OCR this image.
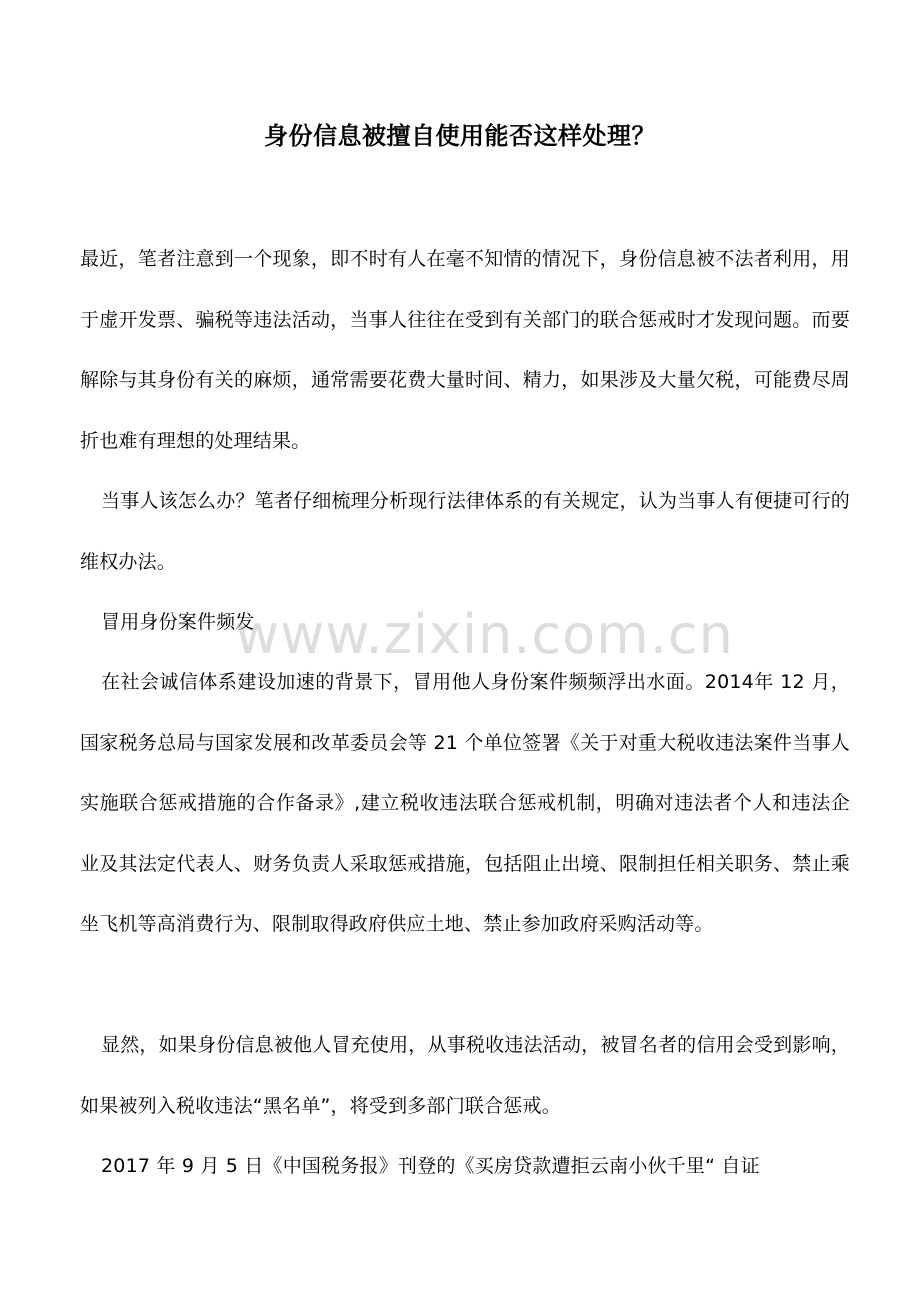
身份信息被擅自使用能否这样处理？

最近，笔者注意到一个现象，即不时有人在毫不知情的情况下，身份信息被不法者利用，用于虚开发票、骗税等违法活动，当事人往往在受到有关部门的联合惩戒时才发现问题。而要解除与其身份有关的麻烦，通常需要花费大量时间、精力，如果涉及大量欠税，可能费尽周折也难有理想的处理结果。

当事人该怎么办？笔者仔细梳理分析现行法律体系的有关规定，认为当事人有便捷可行的维权办法。

冒用身份案件频发

在社会诚信体系建设加速的背景下，冒用他人身份案件频频浮出水面。2014年 12 月，国家税务总局与国家发展和改革委员会等 21 个单位签署《关于对重大税收违法案件当事人实施联合惩戒措施的合作备录》,建立税收违法联合惩戒机制，明确对违法者个人和违法企业及其法定代表人、财务负责人采取惩戒措施，包括阻止出境、限制担任相关职务、禁止乘坐飞机等高消费行为、限制取得政府供应土地、禁止参加政府采购活动等。

显然，如果身份信息被他人冒充使用，从事税收违法活动，被冒名者的信用会受到影响，如果被列入税收违法“黑名单”，将受到多部门联合惩戒。

2017 年 9 月 5 日《中国税务报》刊登的《买房贷款遭拒云南小伙千里“ 自证

www.zixin.com.cn
